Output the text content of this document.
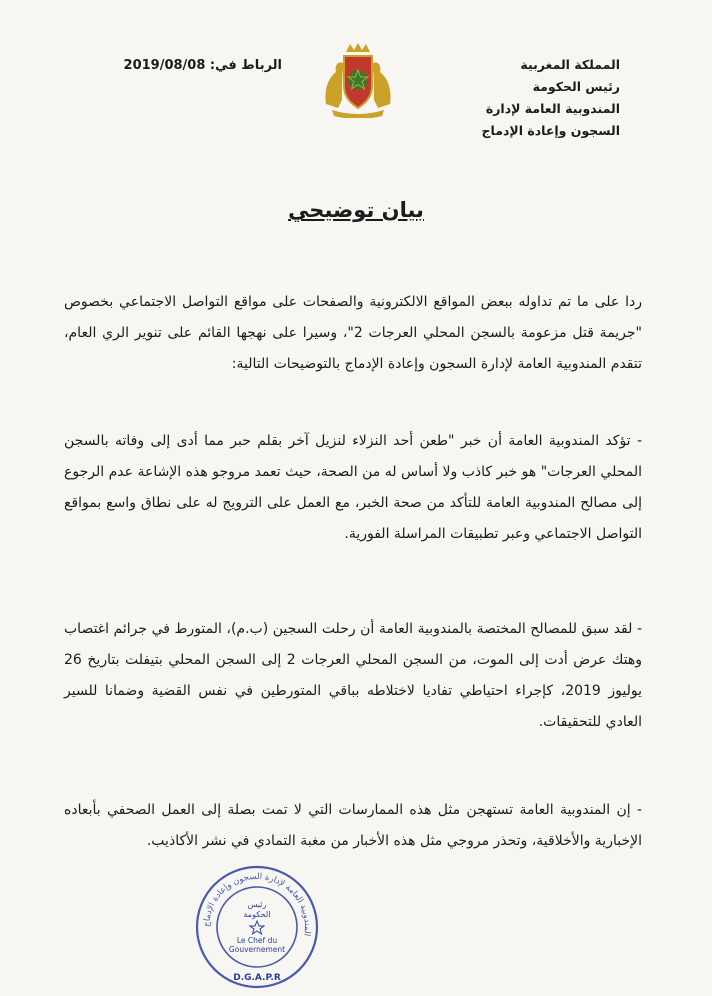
المملكة المغربية
رئيس الحكومة
المندوبية العامة لإدارة
السجون وإعادة الإدماج
الرباط في: 2019/08/08
بيان توضيحي
ردا على ما تم تداوله ببعض المواقع الالكترونية والصفحات على مواقع التواصل الاجتماعي بخصوص "جريمة قتل مزعومة بالسجن المحلي العرجات 2"، وسيرا على نهجها القائم على تنوير الري العام، تتقدم المندوبية العامة لإدارة السجون وإعادة الإدماج بالتوضيحات التالية:
- تؤكد المندوبية العامة أن خبر "طعن أحد النزلاء لنزيل آخر بقلم حبر مما أدى إلى وفاته بالسجن المحلي العرجات" هو خبر كاذب ولا أساس له من الصحة، حيث تعمد مروجو هذه الإشاعة عدم الرجوع إلى مصالح المندوبية العامة للتأكد من صحة الخبر، مع العمل على الترويج له على نطاق واسع بمواقع التواصل الاجتماعي وعبر تطبيقات المراسلة الفورية.
- لقد سبق للمصالح المختصة بالمندوبية العامة أن رحلت السجين (ب.م)، المتورط في جرائم اغتصاب وهتك عرض أدت إلى الموت، من السجن المحلي العرجات 2 إلى السجن المحلي بتيفلت بتاريخ 26 يوليوز 2019، كإجراء احتياطي تفاديا لاختلاطه بباقي المتورطين في نفس القضية وضمانا للسير العادي للتحقيقات.
- إن المندوبية العامة تستهجن مثل هذه الممارسات التي لا تمت بصلة إلى العمل الصحفي بأبعاده الإخبارية والأخلاقية، وتحذر مروجي مثل هذه الأخبار من مغبة التمادي في نشر الأكاذيب.
المندوبية العامة لإدارة السجون وإعادة الإدماج
رئيس
الحكومة
Le Chef du
Gouvernement
D.G.A.P.R
